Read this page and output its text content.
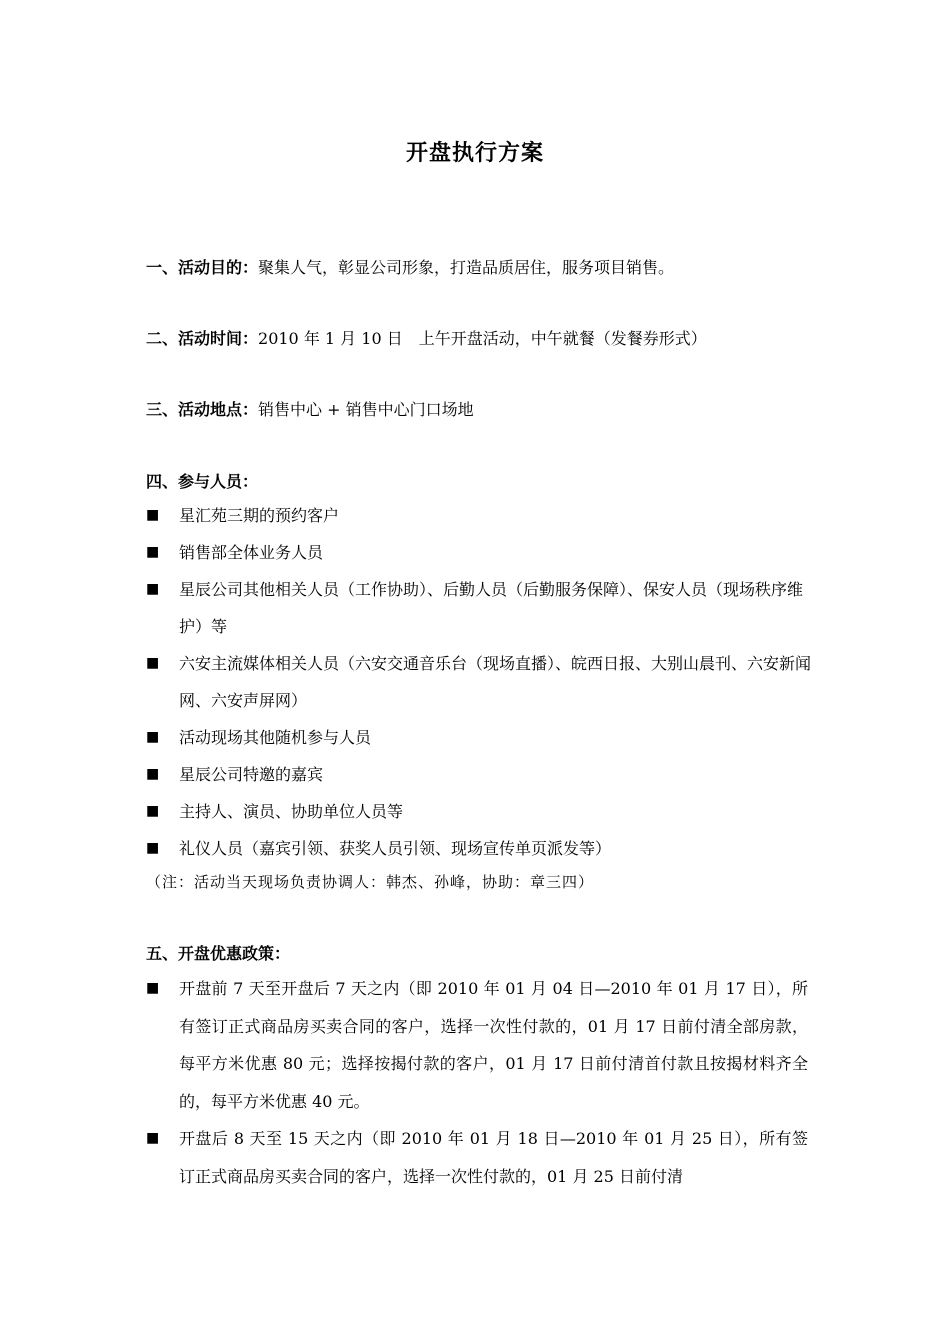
开盘执行方案
一、活动目的：聚集人气，彰显公司形象，打造品质居住，服务项目销售。
二、活动时间：2010 年 1 月 10 日　上午开盘活动，中午就餐（发餐券形式）
三、活动地点：销售中心 + 销售中心门口场地
四、参与人员：
■ 星汇苑三期的预约客户
■ 销售部全体业务人员
■ 星辰公司其他相关人员（工作协助）、后勤人员（后勤服务保障）、保安人员（现场秩序维护）等
■ 六安主流媒体相关人员（六安交通音乐台（现场直播）、皖西日报、大别山晨刊、六安新闻网、六安声屏网）
■ 活动现场其他随机参与人员
■ 星辰公司特邀的嘉宾
■ 主持人、演员、协助单位人员等
■ 礼仪人员（嘉宾引领、获奖人员引领、现场宣传单页派发等）
（注：活动当天现场负责协调人：韩杰、孙峰，协助：章三四）
五、开盘优惠政策：
■ 开盘前 7 天至开盘后 7 天之内（即 2010 年 01 月 04 日—2010 年 01 月 17 日），所有签订正式商品房买卖合同的客户，选择一次性付款的，01 月 17 日前付清全部房款，每平方米优惠 80 元；选择按揭付款的客户，01 月 17 日前付清首付款且按揭材料齐全的，每平方米优惠 40 元。
■ 开盘后 8 天至 15 天之内（即 2010 年 01 月 18 日—2010 年 01 月 25 日），所有签订正式商品房买卖合同的客户，选择一次性付款的，01 月 25 日前付清
